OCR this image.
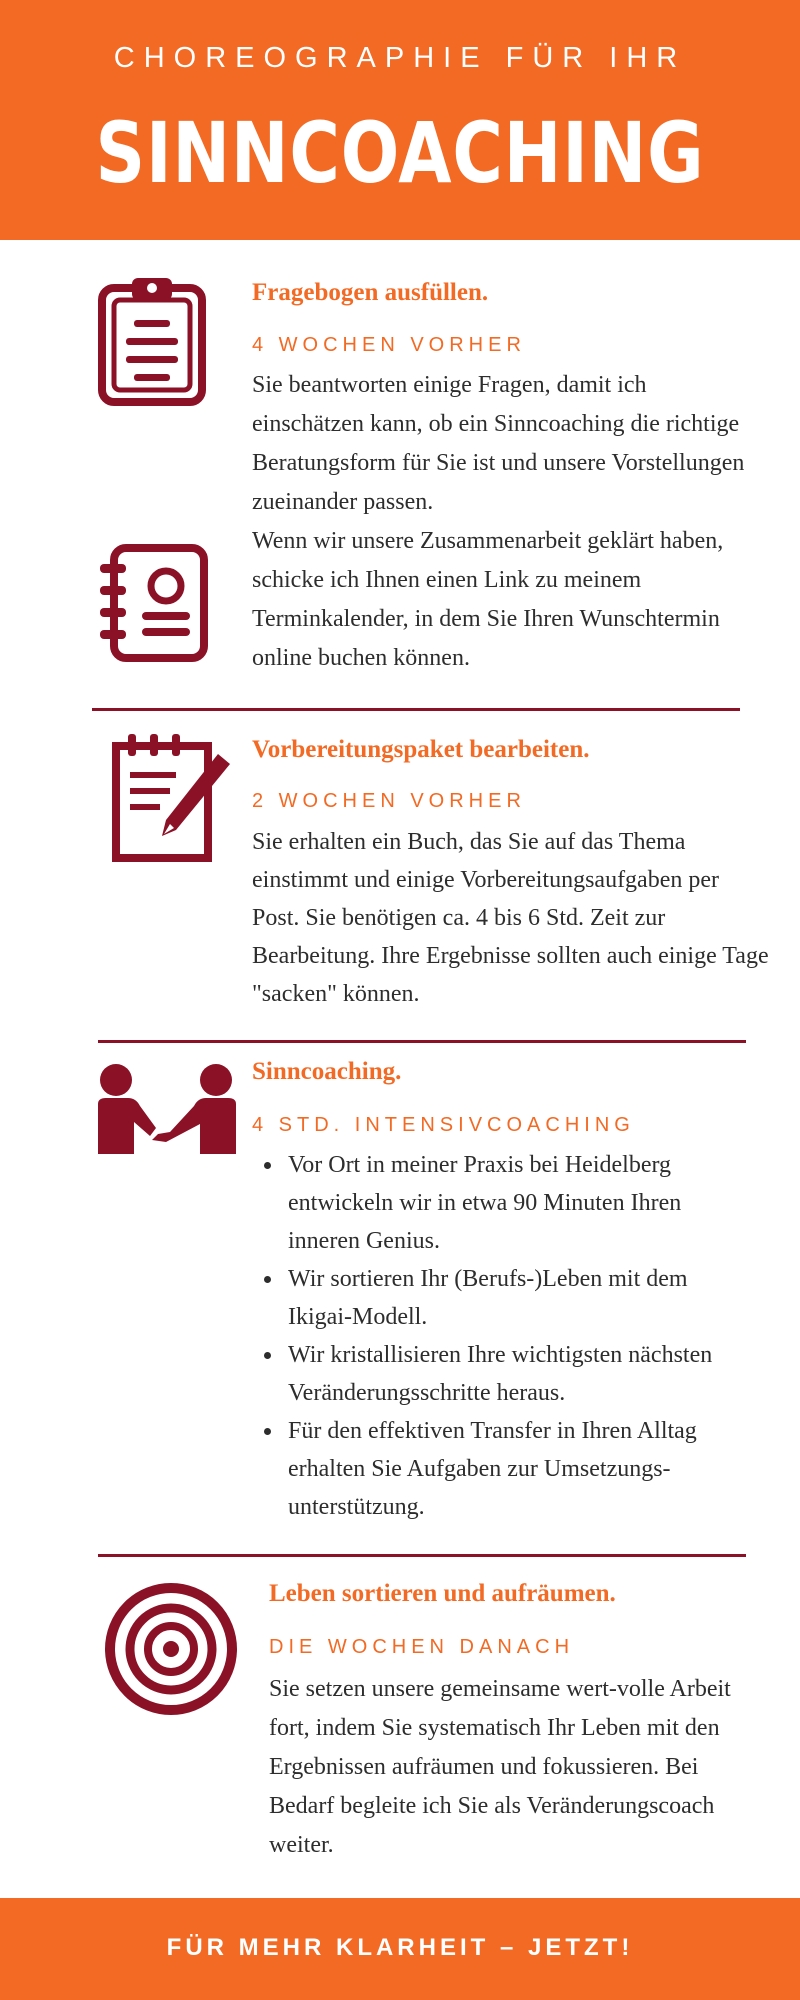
CHOREOGRAPHIE FÜR IHR
SINNCOACHING
Fragebogen ausfüllen.
4 WOCHEN VORHER

Sie beantworten einige Fragen, damit ich einschätzen kann, ob ein Sinncoaching die richtige Beratungsform für Sie ist und unsere Vorstellungen zueinander passen.

Wenn wir unsere Zusammenarbeit geklärt haben, schicke ich Ihnen einen Link zu meinem Terminkalender, in dem Sie Ihren Wunschtermin online buchen können.

Vorbereitungspaket bearbeiten.
2 WOCHEN VORHER

Sie erhalten ein Buch, das Sie auf das Thema einstimmt und einige Vorbereitungsaufgaben per Post. Sie benötigen ca. 4 bis 6 Std. Zeit zur Bearbeitung. Ihre Ergebnisse sollten auch einige Tage "sacken" können.

Sinncoaching.
4 STD. INTENSIVCOACHING
Vor Ort in meiner Praxis bei Heidelberg entwickeln wir in etwa 90 Minuten Ihren inneren Genius.
Wir sortieren Ihr (Berufs-)Leben mit dem Ikigai-Modell.
Wir kristallisieren Ihre wichtigsten nächsten Veränderungsschritte heraus.
Für den effektiven Transfer in Ihren Alltag erhalten Sie Aufgaben zur Umsetzungs-unterstützung.
Leben sortieren und aufräumen.
DIE WOCHEN DANACH

Sie setzen unsere gemeinsame wert-volle Arbeit fort, indem Sie systematisch Ihr Leben mit den Ergebnissen aufräumen und fokussieren. Bei Bedarf begleite ich Sie als Veränderungscoach weiter.

FÜR MEHR KLARHEIT – JETZT!
